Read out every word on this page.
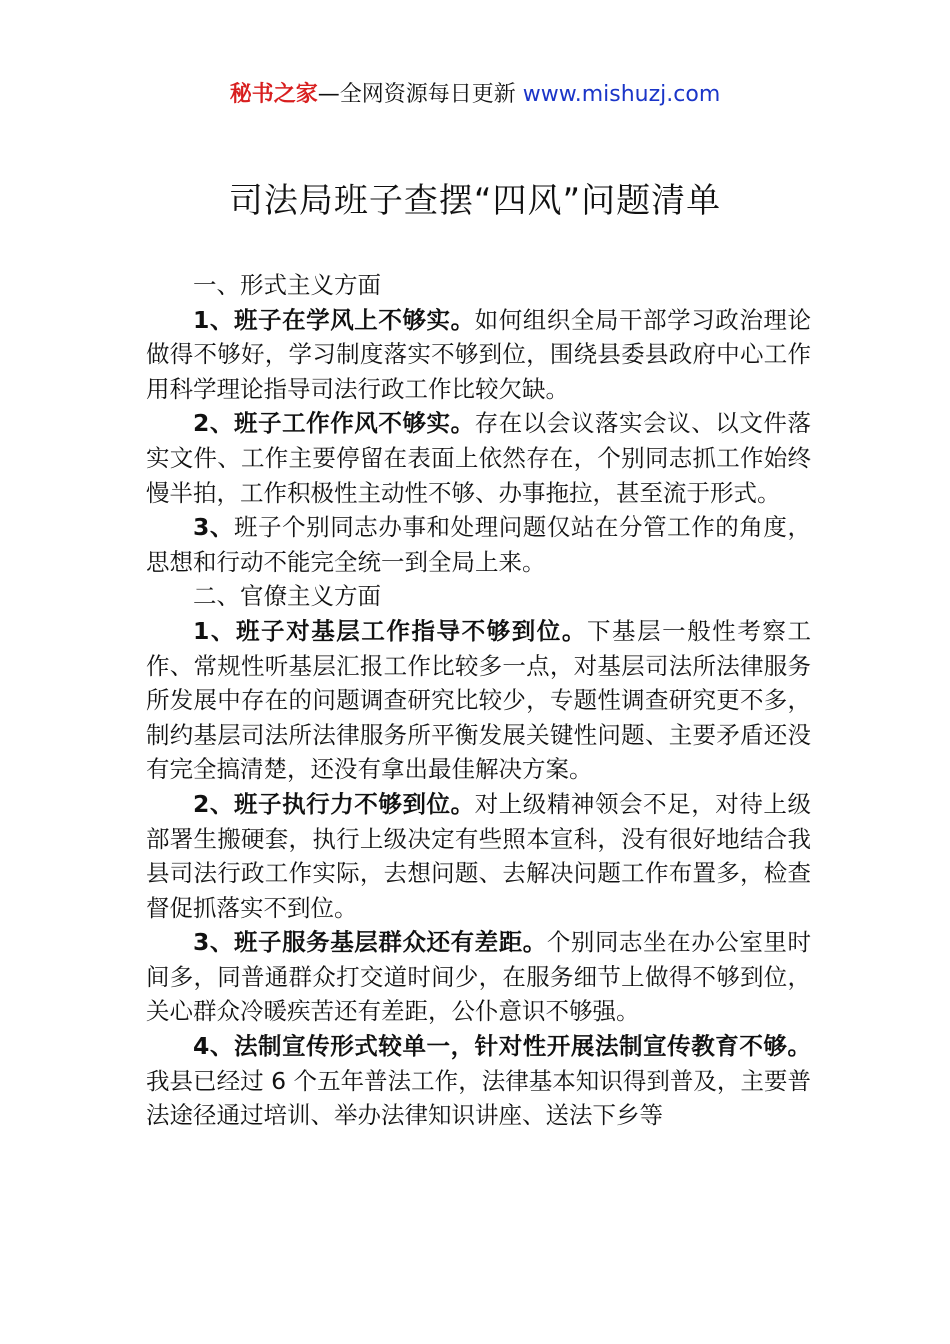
秘书之家—全网资源每日更新 www.mishuzj.com
司法局班子查摆“四风”问题清单

一、形式主义方面

1、班子在学风上不够实。如何组织全局干部学习政治理论做得不够好，学习制度落实不够到位，围绕县委县政府中心工作用科学理论指导司法行政工作比较欠缺。

2、班子工作作风不够实。存在以会议落实会议、以文件落实文件、工作主要停留在表面上依然存在，个别同志抓工作始终慢半拍，工作积极性主动性不够、办事拖拉，甚至流于形式。

3、班子个别同志办事和处理问题仅站在分管工作的角度，思想和行动不能完全统一到全局上来。

二、官僚主义方面

1、班子对基层工作指导不够到位。下基层一般性考察工作、常规性听基层汇报工作比较多一点，对基层司法所法律服务所发展中存在的问题调查研究比较少，专题性调查研究更不多，制约基层司法所法律服务所平衡发展关键性问题、主要矛盾还没有完全搞清楚，还没有拿出最佳解决方案。

2、班子执行力不够到位。对上级精神领会不足，对待上级部署生搬硬套，执行上级决定有些照本宣科，没有很好地结合我县司法行政工作实际，去想问题、去解决问题工作布置多，检查督促抓落实不到位。

3、班子服务基层群众还有差距。个别同志坐在办公室里时间多，同普通群众打交道时间少，在服务细节上做得不够到位，关心群众冷暖疾苦还有差距，公仆意识不够强。

4、法制宣传形式较单一，针对性开展法制宣传教育不够。我县已经过 6 个五年普法工作，法律基本知识得到普及，主要普法途径通过培训、举办法律知识讲座、送法下乡等
